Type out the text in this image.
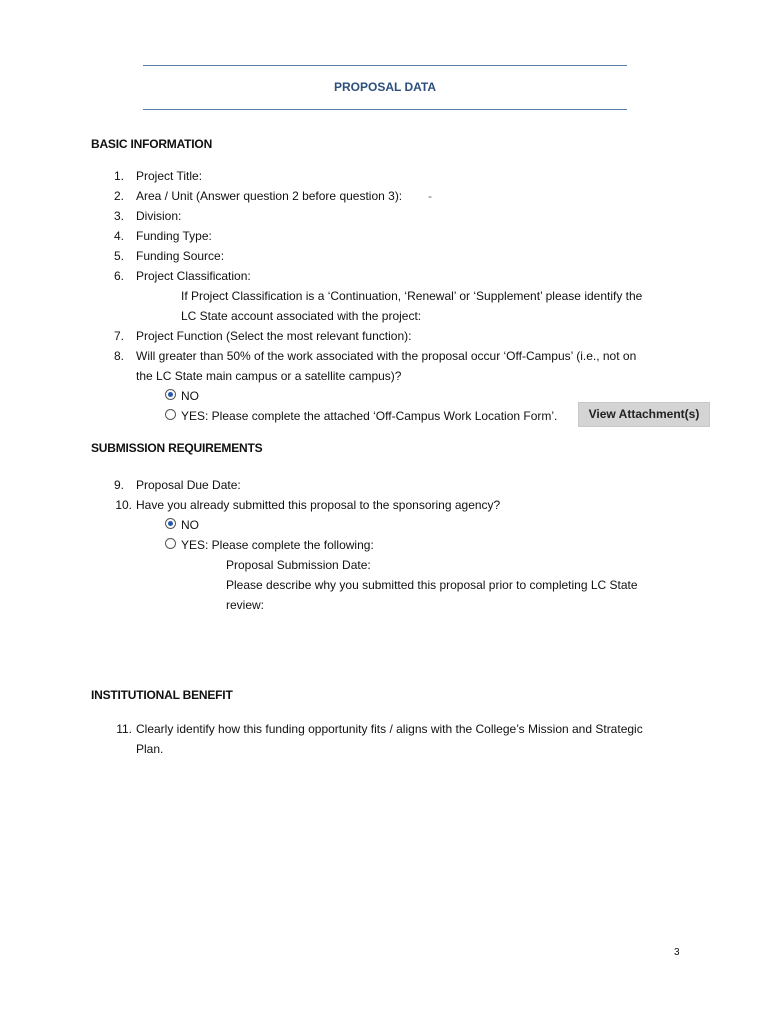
PROPOSAL DATA
BASIC INFORMATION
1. Project Title:
2. Area / Unit (Answer question 2 before question 3): -
3. Division:
4. Funding Type:
5. Funding Source:
6. Project Classification:
If Project Classification is a ‘Continuation, ‘Renewal’ or ‘Supplement’ please identify the
LC State account associated with the project:
7. Project Function (Select the most relevant function):
8. Will greater than 50% of the work associated with the proposal occur ‘Off-Campus’ (i.e., not on
the LC State main campus or a satellite campus)?
NO
YES: Please complete the attached ‘Off-Campus Work Location Form’.	View Attachment(s)
SUBMISSION REQUIREMENTS
9. Proposal Due Date:
10. Have you already submitted this proposal to the sponsoring agency?
NO
YES: Please complete the following:
Proposal Submission Date:
Please describe why you submitted this proposal prior to completing LC State
review:
INSTITUTIONAL BENEFIT
11. Clearly identify how this funding opportunity fits / aligns with the College’s Mission and Strategic
Plan.
3
